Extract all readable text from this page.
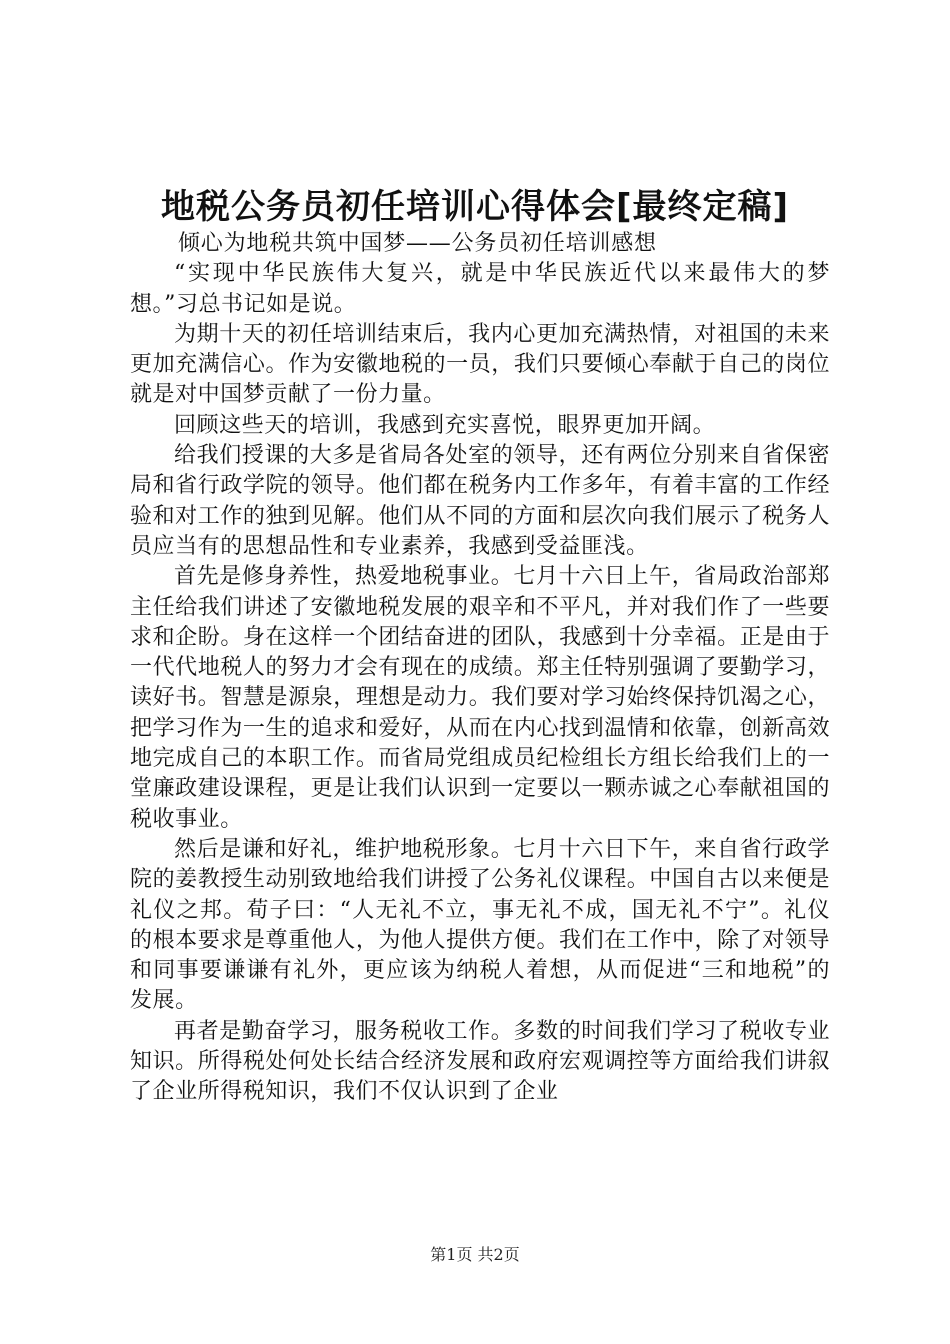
地税公务员初任培训心得体会[最终定稿]

倾心为地税共筑中国梦——公务员初任培训感想

“实现中华民族伟大复兴，就是中华民族近代以来最伟大的梦想。”习总书记如是说。

为期十天的初任培训结束后，我内心更加充满热情，对祖国的未来更加充满信心。作为安徽地税的一员，我们只要倾心奉献于自己的岗位就是对中国梦贡献了一份力量。

回顾这些天的培训，我感到充实喜悦，眼界更加开阔。

给我们授课的大多是省局各处室的领导，还有两位分别来自省保密局和省行政学院的领导。他们都在税务内工作多年，有着丰富的工作经验和对工作的独到见解。他们从不同的方面和层次向我们展示了税务人员应当有的思想品性和专业素养，我感到受益匪浅。

首先是修身养性，热爱地税事业。七月十六日上午，省局政治部郑主任给我们讲述了安徽地税发展的艰辛和不平凡，并对我们作了一些要求和企盼。身在这样一个团结奋进的团队，我感到十分幸福。正是由于一代代地税人的努力才会有现在的成绩。郑主任特别强调了要勤学习，读好书。智慧是源泉，理想是动力。我们要对学习始终保持饥渴之心，把学习作为一生的追求和爱好，从而在内心找到温情和依靠，创新高效地完成自己的本职工作。而省局党组成员纪检组长方组长给我们上的一堂廉政建设课程，更是让我们认识到一定要以一颗赤诚之心奉献祖国的税收事业。

然后是谦和好礼，维护地税形象。七月十六日下午，来自省行政学院的姜教授生动别致地给我们讲授了公务礼仪课程。中国自古以来便是礼仪之邦。荀子曰：“人无礼不立，事无礼不成，国无礼不宁”。礼仪的根本要求是尊重他人，为他人提供方便。我们在工作中，除了对领导和同事要谦谦有礼外，更应该为纳税人着想，从而促进“三和地税”的发展。

再者是勤奋学习，服务税收工作。多数的时间我们学习了税收专业知识。所得税处何处长结合经济发展和政府宏观调控等方面给我们讲叙了企业所得税知识，我们不仅认识到了企业

第1页 共2页
